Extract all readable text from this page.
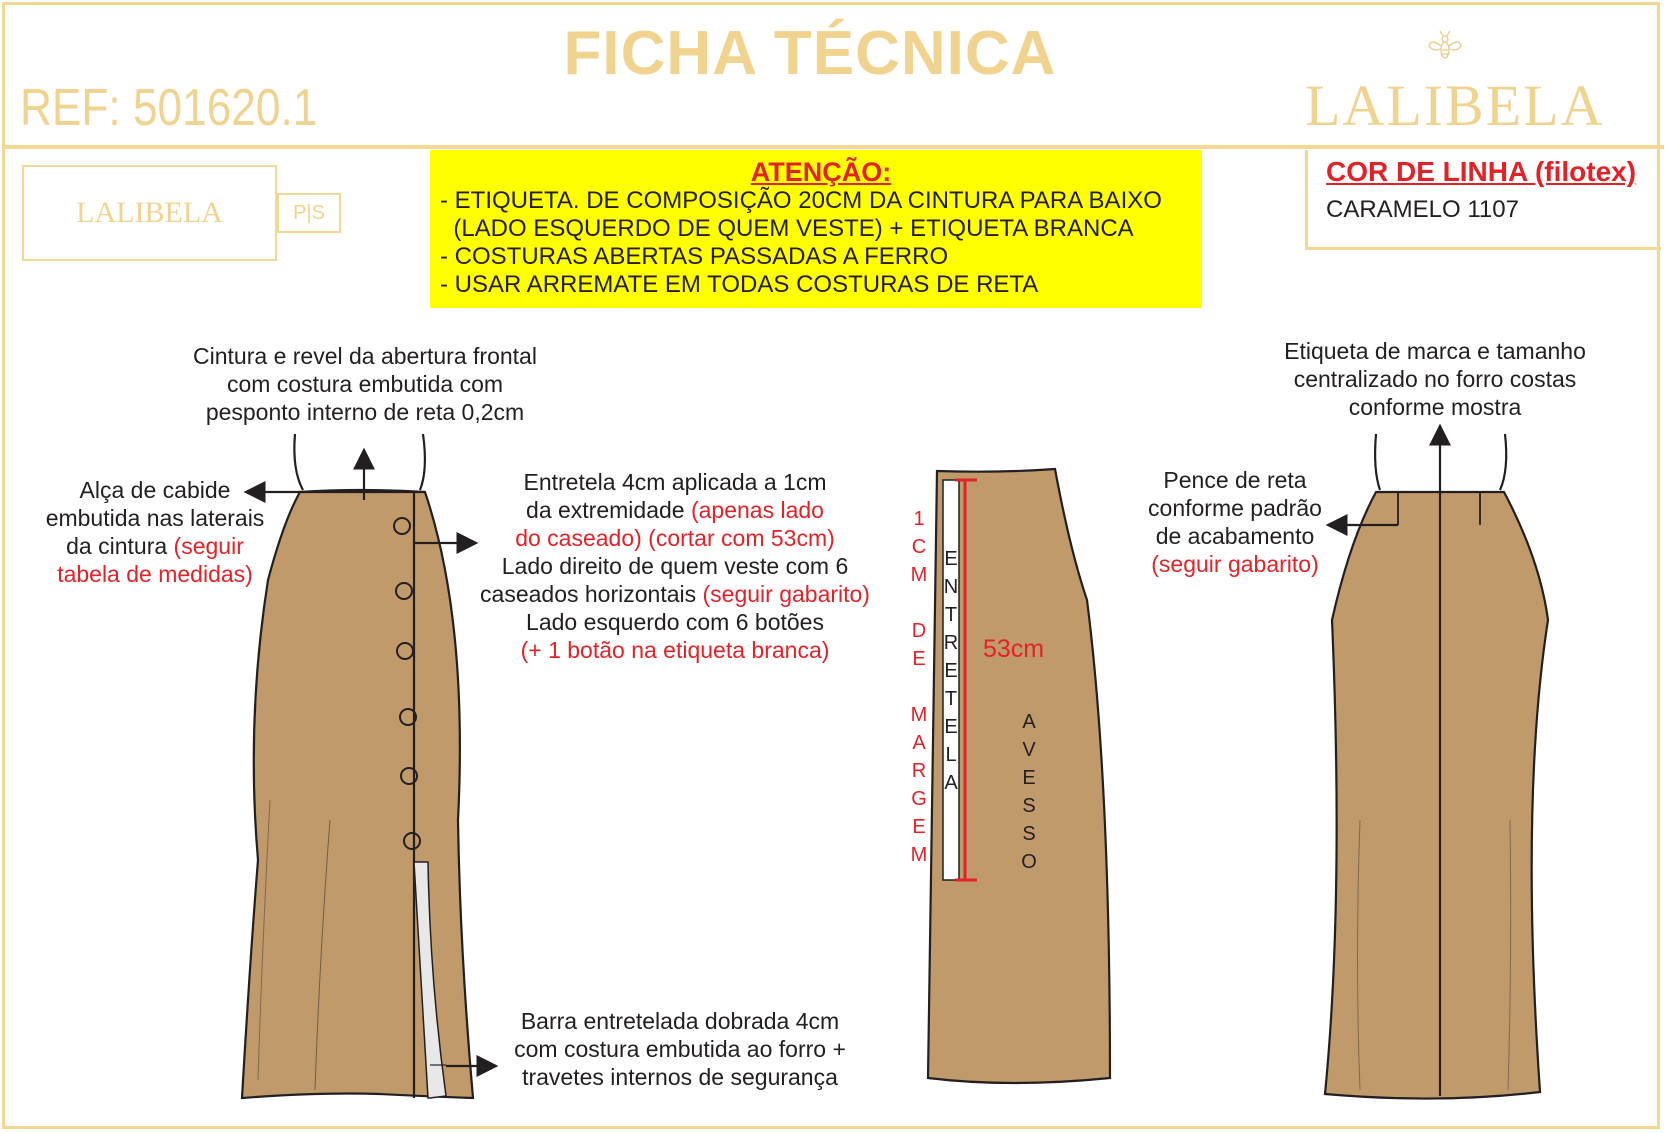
FICHA TÉCNICA
REF: 501620.1	LALIBELA
LALIBELA	P|S
ATENÇÃO:
- ETIQUETA. DE COMPOSIÇÃO 20CM DA CINTURA PARA BAIXO
(LADO ESQUERDO DE QUEM VESTE) + ETIQUETA BRANCA
- COSTURAS ABERTAS PASSADAS A FERRO
- USAR ARREMATE EM TODAS COSTURAS DE RETA
COR DE LINHA (filotex)
CARAMELO 1107
Cintura e revel da abertura frontal
com costura embutida com
pesponto interno de reta 0,2cm
Alça de cabide
embutida nas laterais
da cintura (seguir
tabela de medidas)
Entretela 4cm aplicada a 1cm
da extremidade (apenas lado
do caseado) (cortar com 53cm)
Lado direito de quem veste com 6
caseados horizontais (seguir gabarito)
Lado esquerdo com 6 botões
(+ 1 botão na etiqueta branca)
Barra entretelada dobrada 4cm
com costura embutida ao forro +
travetes internos de segurança
Etiqueta de marca e tamanho
centralizado no forro costas
conforme mostra
Pence de reta
conforme padrão
de acabamento
(seguir gabarito)
1
C
M

D
E

M
A
R
G
E
M
E
N
T
R
E
T
E
L
A
A
V
E
S
S
O
53cm
